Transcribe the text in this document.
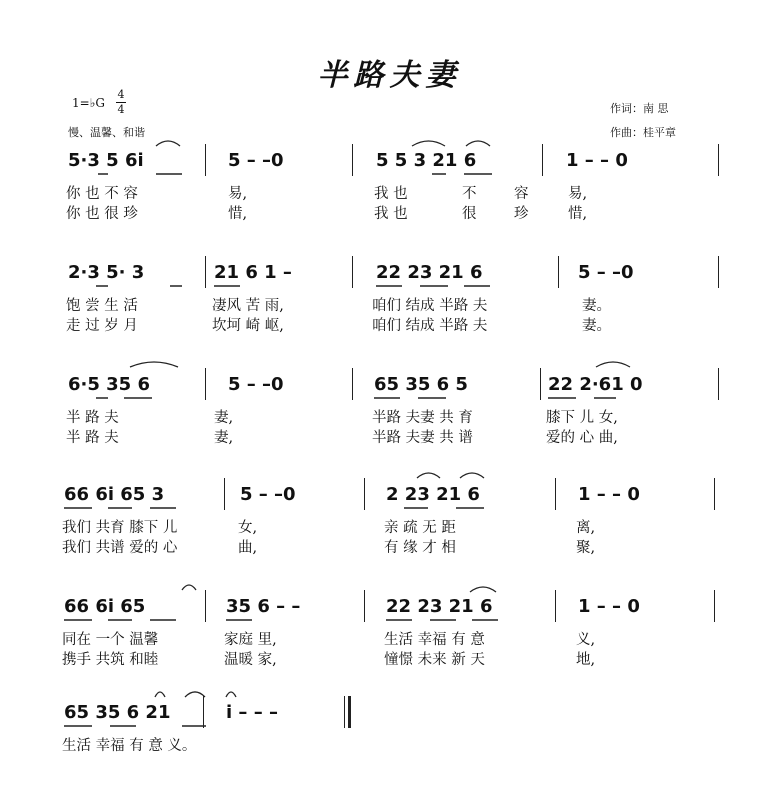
半路夫妻
1=♭G
4
4
慢、温馨、和谐
作词：南 思
作曲：桂平章
5·3 5 6i	5 – –0	5 5 3 21 6	1 – – 0
你 也 不 容	易,	我 也	不	容	易,
你 也 很 珍	惜,	我 也	很	珍	惜,
2·3 5· 3	21 6 1 –	22 23 21 6	5 – –0
饱 尝 生 活	凄风 苦 雨,	咱们 结成 半路 夫	妻。
走 过 岁 月	坎坷 崎 岖,	咱们 结成 半路 夫	妻。
6·5 35 6	5 – –0	65 35 6 5	22 2·61 0
半 路 夫	妻,	半路 夫妻 共 育	膝下 儿 女,
半 路 夫	妻,	半路 夫妻 共 谱	爱的 心 曲,
66 6i 65 3	5 – –0	2 23 21 6	1 – – 0
我们 共育 膝下 儿	女,	亲 疏 无 距	离,
我们 共谱 爱的 心	曲,	有 缘 才 相	聚,
66 6i 65	35 6 – –	22 23 21 6	1 – – 0
同在 一个 温馨	家庭 里,	生活 幸福 有 意	义,
携手 共筑 和睦	温暖 家,	憧憬 未来 新 天	地,
65 35 6 21	i – – –
生活 幸福 有 意 义。
